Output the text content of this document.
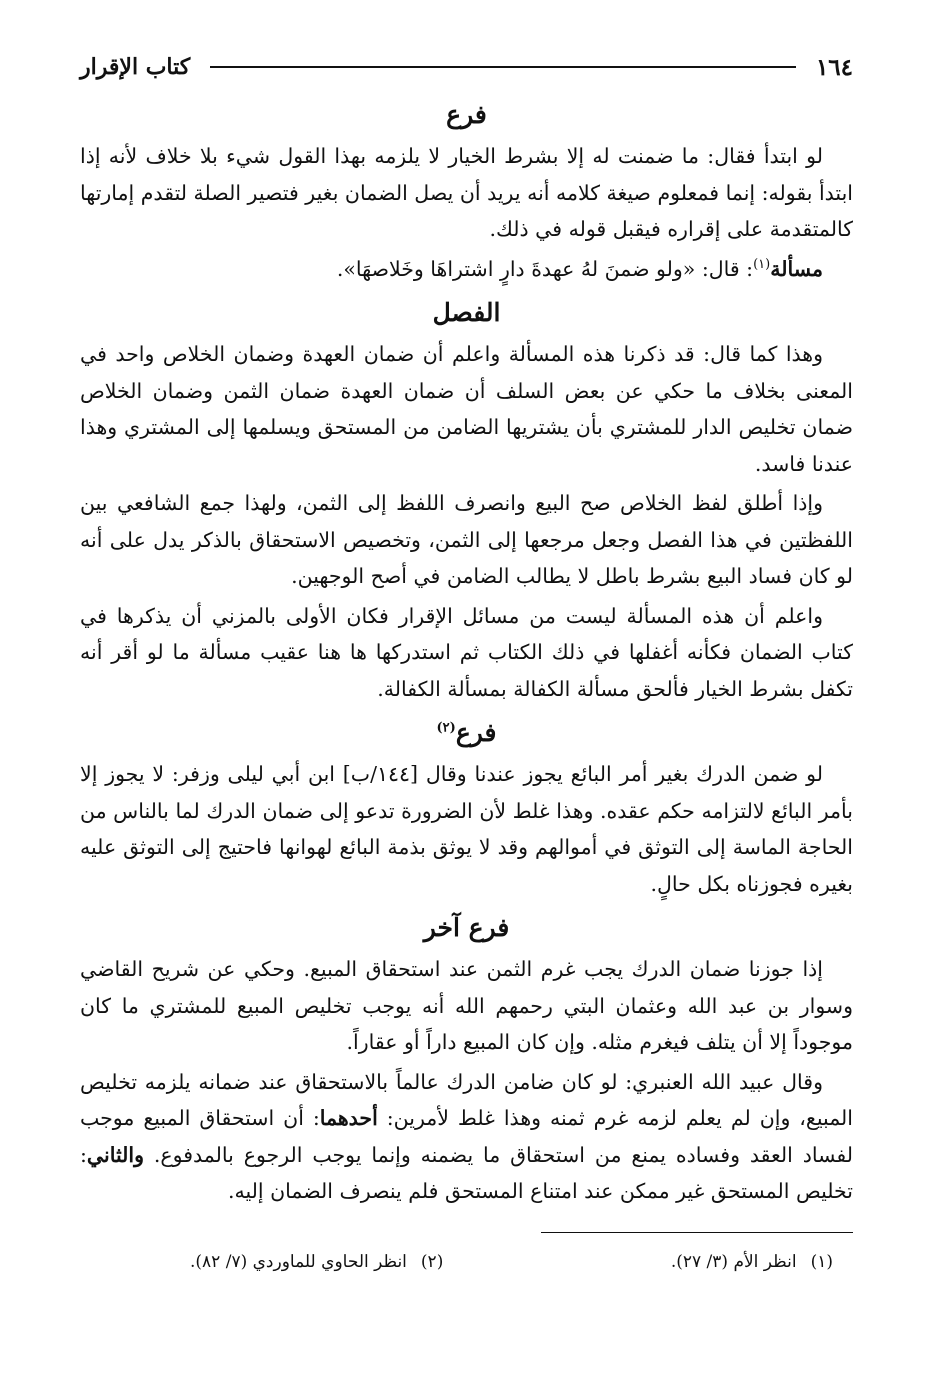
١٦٤
كتاب الإقرار
فرع

لو ابتدأ فقال: ما ضمنت له إلا بشرط الخيار لا يلزمه بهذا القول شيء بلا خلاف لأنه إذا ابتدأ بقوله: إنما فمعلوم صيغة كلامه أنه يريد أن يصل الضمان بغير فتصير الصلة لتقدم إمارتها كالمتقدمة على إقراره فيقبل قوله في ذلك.

مسألة$^{(١)}$: قال: «ولو ضمنَ لهُ عهدةَ دارٍ اشتراهَا وخَلاصهَا».

الفصل

وهذا كما قال: قد ذكرنا هذه المسألة واعلم أن ضمان العهدة وضمان الخلاص واحد في المعنى بخلاف ما حكي عن بعض السلف أن ضمان العهدة ضمان الثمن وضمان الخلاص ضمان تخليص الدار للمشتري بأن يشتريها الضامن من المستحق ويسلمها إلى المشتري وهذا عندنا فاسد.

وإذا أطلق لفظ الخلاص صح البيع وانصرف اللفظ إلى الثمن، ولهذا جمع الشافعي بين اللفظتين في هذا الفصل وجعل مرجعها إلى الثمن، وتخصيص الاستحقاق بالذكر يدل على أنه لو كان فساد البيع بشرط باطل لا يطالب الضامن في أصح الوجهين.

واعلم أن هذه المسألة ليست من مسائل الإقرار فكان الأولى بالمزني أن يذكرها في كتاب الضمان فكأنه أغفلها في ذلك الكتاب ثم استدركها ها هنا عقيب مسألة ما لو أقر أنه تكفل بشرط الخيار فألحق مسألة الكفالة بمسألة الكفالة.

فرع$^{(٢)}$

لو ضمن الدرك بغير أمر البائع يجوز عندنا وقال [١٤٤/ب] ابن أبي ليلى وزفر: لا يجوز إلا بأمر البائع لالتزامه حكم عقده. وهذا غلط لأن الضرورة تدعو إلى ضمان الدرك لما بالناس من الحاجة الماسة إلى التوثق في أموالهم وقد لا يوثق بذمة البائع لهوانها فاحتيج إلى التوثق عليه بغيره فجوزناه بكل حالٍ.

فرع آخر

إذا جوزنا ضمان الدرك يجب غرم الثمن عند استحقاق المبيع. وحكي عن شريح القاضي وسوار بن عبد الله وعثمان البتي رحمهم الله أنه يوجب تخليص المبيع للمشتري ما كان موجوداً إلا أن يتلف فيغرم مثله. وإن كان المبيع داراً أو عقاراً.

وقال عبيد الله العنبري: لو كان ضامن الدرك عالماً بالاستحقاق عند ضمانه يلزمه تخليص المبيع، وإن لم يعلم لزمه غرم ثمنه وهذا غلط لأمرين: أحدهما: أن استحقاق المبيع موجب لفساد العقد وفساده يمنع من استحقاق ما يضمنه وإنما يوجب الرجوع بالمدفوع. والثاني: تخليص المستحق غير ممكن عند امتناع المستحق فلم ينصرف الضمان إليه.

(١)انظر الأم (٣/ ٢٧).
(٢)انظر الحاوي للماوردي (٧/ ٨٢).
